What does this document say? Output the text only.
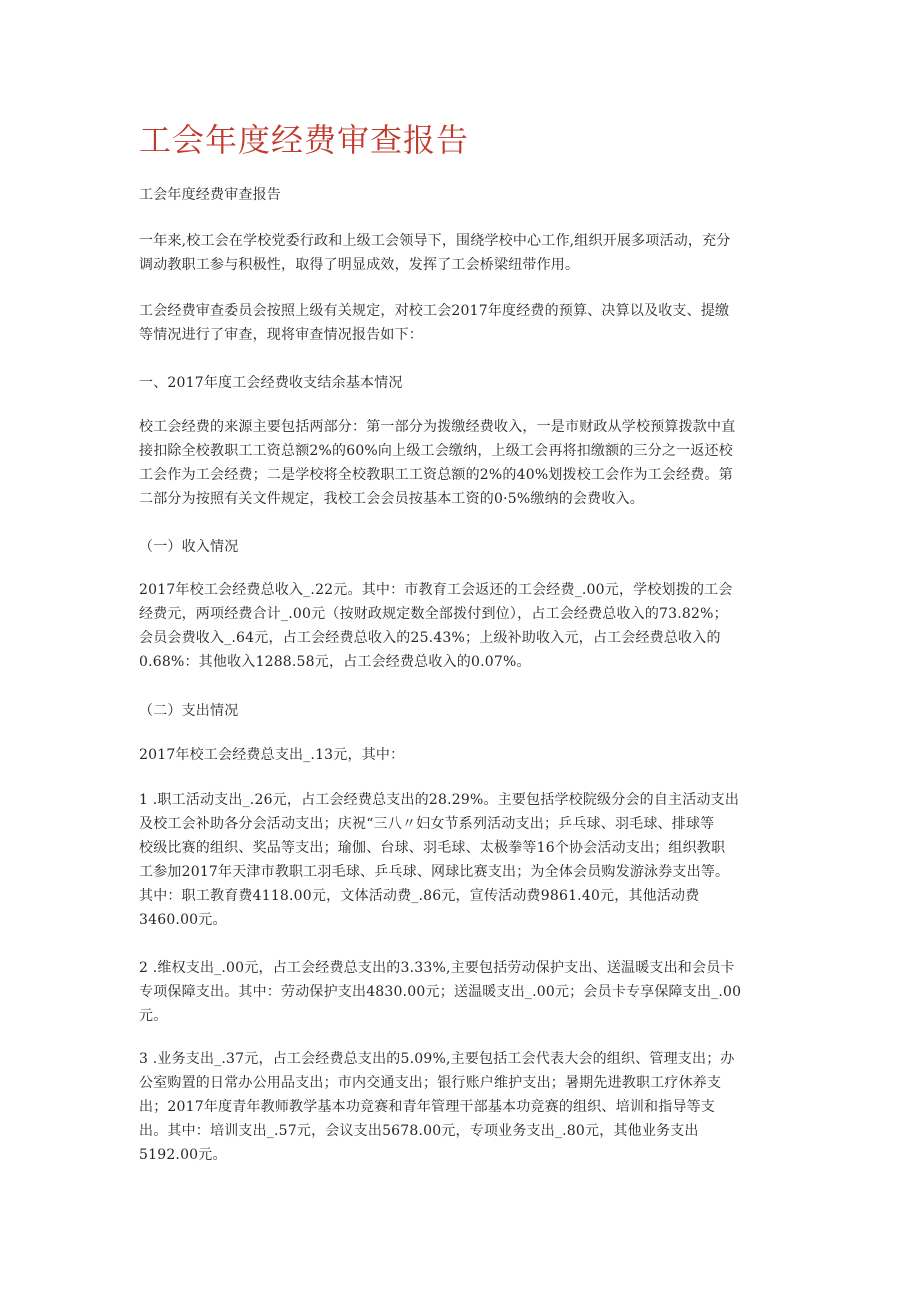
工会年度经费审查报告

工会年度经费审查报告

一年来,校工会在学校党委行政和上级工会领导下，围绕学校中心工作,组织开展多项活动，充分
调动教职工参与积极性，取得了明显成效，发挥了工会桥梁纽带作用。

工会经费审查委员会按照上级有关规定，对校工会2017年度经费的预算、决算以及收支、提缴
等情况进行了审查，现将审查情况报告如下：

一、2017年度工会经费收支结余基本情况

校工会经费的来源主要包括两部分：第一部分为拨缴经费收入，一是市财政从学校预算拨款中直
接扣除全校教职工工资总额2%的60%向上级工会缴纳，上级工会再将扣缴额的三分之一返还校
工会作为工会经费；二是学校将全校教职工工资总额的2%的40%划拨校工会作为工会经费。第
二部分为按照有关文件规定，我校工会会员按基本工资的0·5%缴纳的会费收入。

（一）收入情况

2017年校工会经费总收入_.22元。其中：市教育工会返还的工会经费_.00元，学校划拨的工会
经费元，两项经费合计_.00元（按财政规定数全部拨付到位），占工会经费总收入的73.82%；
会员会费收入_.64元，占工会经费总收入的25.43%；上级补助收入元，占工会经费总收入的
0.68%：其他收入1288.58元，占工会经费总收入的0.07%。

（二）支出情况

2017年校工会经费总支出_.13元，其中：

1 .职工活动支出_.26元，占工会经费总支出的28.29%。主要包括学校院级分会的自主活动支出
及校工会补助各分会活动支出；庆祝“三八〃妇女节系列活动支出；乒乓球、羽毛球、排球等
校级比赛的组织、奖品等支出；瑜伽、台球、羽毛球、太极拳等16个协会活动支出；组织教职
工参加2017年天津市教职工羽毛球、乒乓球、网球比赛支出；为全体会员购发游泳券支出等。
其中：职工教育费4118.00元，文体活动费_.86元，宣传活动费9861.40元，其他活动费
3460.00元。

2 .维权支出_.00元，占工会经费总支出的3.33%,主要包括劳动保护支出、送温暖支出和会员卡
专项保障支出。其中：劳动保护支出4830.00元；送温暖支出_.00元；会员卡专享保障支出_.00
元。

3 .业务支出_.37元，占工会经费总支出的5.09%,主要包括工会代表大会的组织、管理支出；办
公室购置的日常办公用品支出；市内交通支出；银行账户维护支出；暑期先进教职工疗休养支
出；2017年度青年教师教学基本功竞赛和青年管理干部基本功竞赛的组织、培训和指导等支
出。其中：培训支出_.57元，会议支出5678.00元，专项业务支出_.80元，其他业务支出
5192.00元。
